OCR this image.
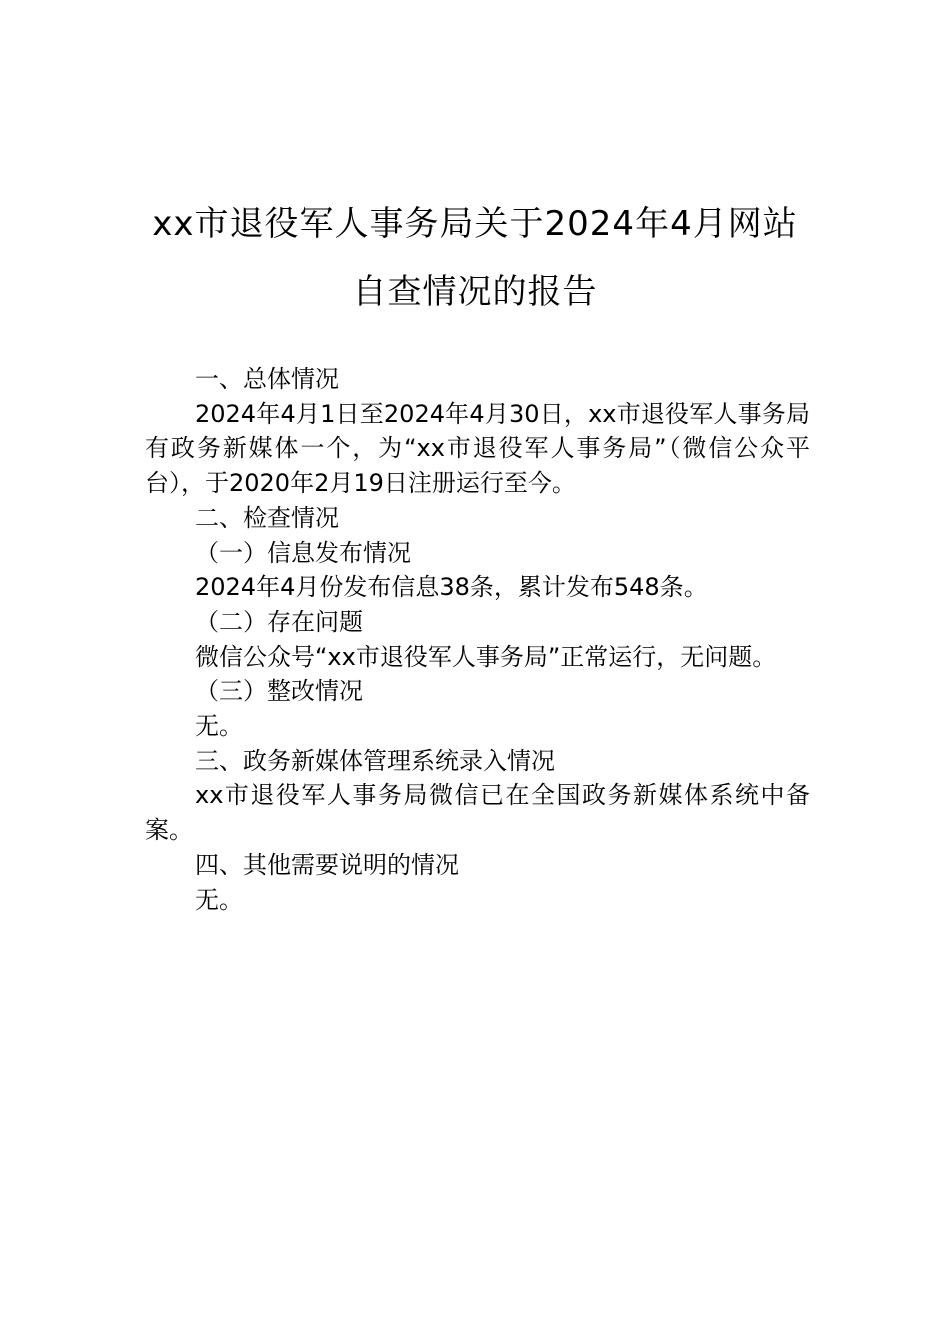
xx市退役军人事务局关于2024年4月网站
自查情况的报告

一、总体情况

2024年4月1日至2024年4月30日，xx市退役军人事务局有政务新媒体一个，为“xx市退役军人事务局”（微信公众平台），于2020年2月19日注册运行至今。

二、检查情况

（一）信息发布情况

2024年4月份发布信息38条，累计发布548条。

（二）存在问题

微信公众号“xx市退役军人事务局”正常运行，无问题。

（三）整改情况

无。

三、政务新媒体管理系统录入情况

xx市退役军人事务局微信已在全国政务新媒体系统中备案。

四、其他需要说明的情况

无。
